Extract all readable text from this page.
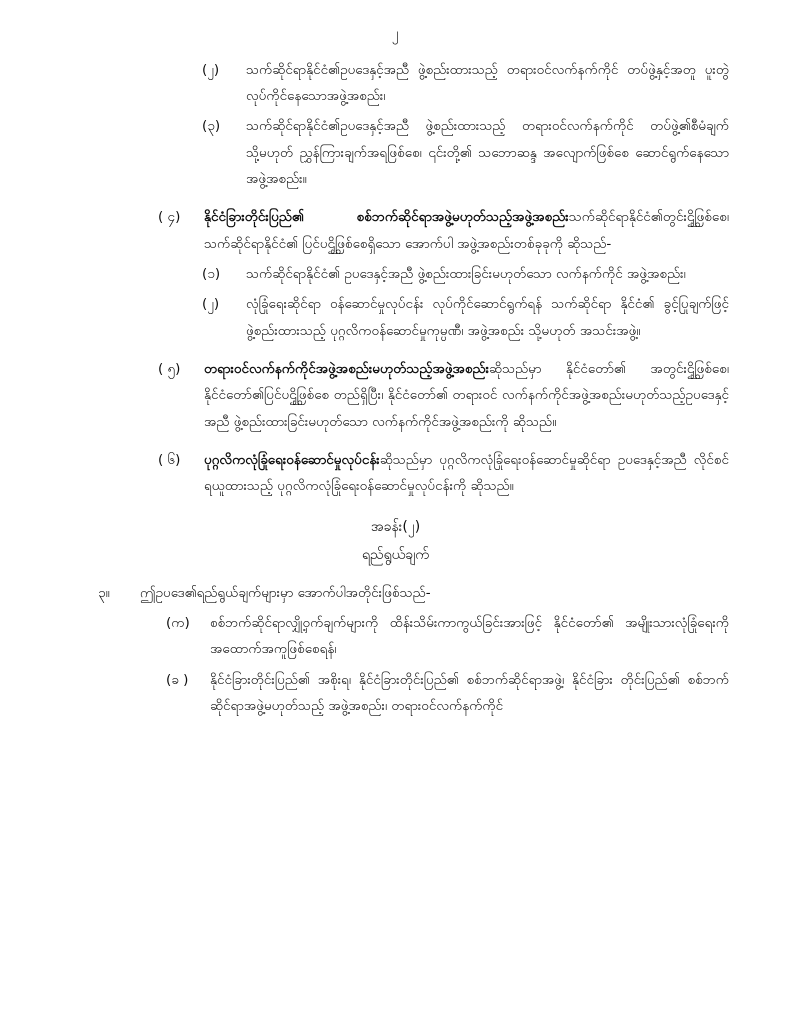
၂
(၂)	သက်ဆိုင်ရာနိုင်ငံ၏ဥပဒေနှင့်အညီ ဖွဲ့စည်းထားသည့် တရားဝင်လက်နက်ကိုင် တပ်ဖွဲ့နှင့်အတူ ပူးတွဲလုပ်ကိုင်နေသောအဖွဲ့အစည်း၊
(၃)	သက်ဆိုင်ရာနိုင်ငံ၏ဥပဒေနှင့်အညီ ဖွဲ့စည်းထားသည့် တရားဝင်လက်နက်ကိုင် တပ်ဖွဲ့၏စီမံချက် သို့မဟုတ် ညွှန်ကြားချက်အရဖြစ်စေ၊ ၎င်းတို့၏ သဘောဆန္ဒ အလျောက်ဖြစ်စေ ဆောင်ရွက်နေသောအဖွဲ့အစည်း။
( ၄)	နိုင်ငံခြားတိုင်းပြည်၏ စစ်ဘက်ဆိုင်ရာအဖွဲ့မဟုတ်သည့်အဖွဲ့အစည်းသက်ဆိုင်ရာနိုင်ငံ၏တွင်းဌ္ဌိဖြစ်စေ၊ သက်ဆိုင်ရာနိုင်ငံ၏ ပြင်ပဌ္ဌိဖြစ်စေရှိသော အောက်ပါ အဖွဲ့အစည်းတစ်ခုခုကို ဆိုသည်-
(၁)	သက်ဆိုင်ရာနိုင်ငံ၏ ဥပဒေနှင့်အညီ ဖွဲ့စည်းထားခြင်းမဟုတ်သော လက်နက်ကိုင် အဖွဲ့အစည်း၊
(၂)	လုံခြုံရေးဆိုင်ရာ ဝန်ဆောင်မှုလုပ်ငန်း လုပ်ကိုင်ဆောင်ရွက်ရန် သက်ဆိုင်ရာ နိုင်ငံ၏ ခွင့်ပြုချက်ဖြင့် ဖွဲ့စည်းထားသည့် ပုဂ္ဂလိကဝန်ဆောင်မှုကုမ္ပဏီ၊ အဖွဲ့အစည်း သို့မဟုတ် အသင်းအဖွဲ့။
( ၅)	တရားဝင်လက်နက်ကိုင်အဖွဲ့အစည်းမဟုတ်သည့်အဖွဲ့အစည်းဆိုသည်မှာ နိုင်ငံတော်၏ အတွင်းဌ္ဌိဖြစ်စေ၊ နိုင်ငံတော်၏ပြင်ပဌ္ဌိဖြစ်စေ တည်ရှိပြီး၊ နိုင်ငံတော်၏ တရားဝင် လက်နက်ကိုင်အဖွဲ့အစည်းမဟုတ်သည့်ဥပဒေနှင့်အညီ ဖွဲ့စည်းထားခြင်းမဟုတ်သော လက်နက်ကိုင်အဖွဲ့အစည်းကို ဆိုသည်။
( ၆)	ပုဂ္ဂလိကလုံခြုံရေးဝန်ဆောင်မှုလုပ်ငန်းဆိုသည်မှာ ပုဂ္ဂလိကလုံခြုံရေးဝန်ဆောင်မှုဆိုင်ရာ ဥပဒေနှင့်အညီ လိုင်စင်ရယူထားသည့် ပုဂ္ဂလိကလုံခြုံရေးဝန်ဆောင်မှုလုပ်ငန်းကို ဆိုသည်။
အခန်း(၂)
ရည်ရွယ်ချက်
၃။	ဤဥပဒေ၏ရည်ရွယ်ချက်များမှာ အောက်ပါအတိုင်းဖြစ်သည်-
(က)	စစ်ဘက်ဆိုင်ရာလျှို့ဝှက်ချက်များကို ထိန်းသိမ်းကာကွယ်ခြင်းအားဖြင့် နိုင်ငံတော်၏ အမျိုးသားလုံခြုံရေးကို အထောက်အကူဖြစ်စေရန်၊
(ခ )	နိုင်ငံခြားတိုင်းပြည်၏ အစိုးရ၊ နိုင်ငံခြားတိုင်းပြည်၏ စစ်ဘက်ဆိုင်ရာအဖွဲ့၊ နိုင်ငံခြား တိုင်းပြည်၏ စစ်ဘက်ဆိုင်ရာအဖွဲ့မဟုတ်သည့် အဖွဲ့အစည်း၊ တရားဝင်လက်နက်ကိုင်
